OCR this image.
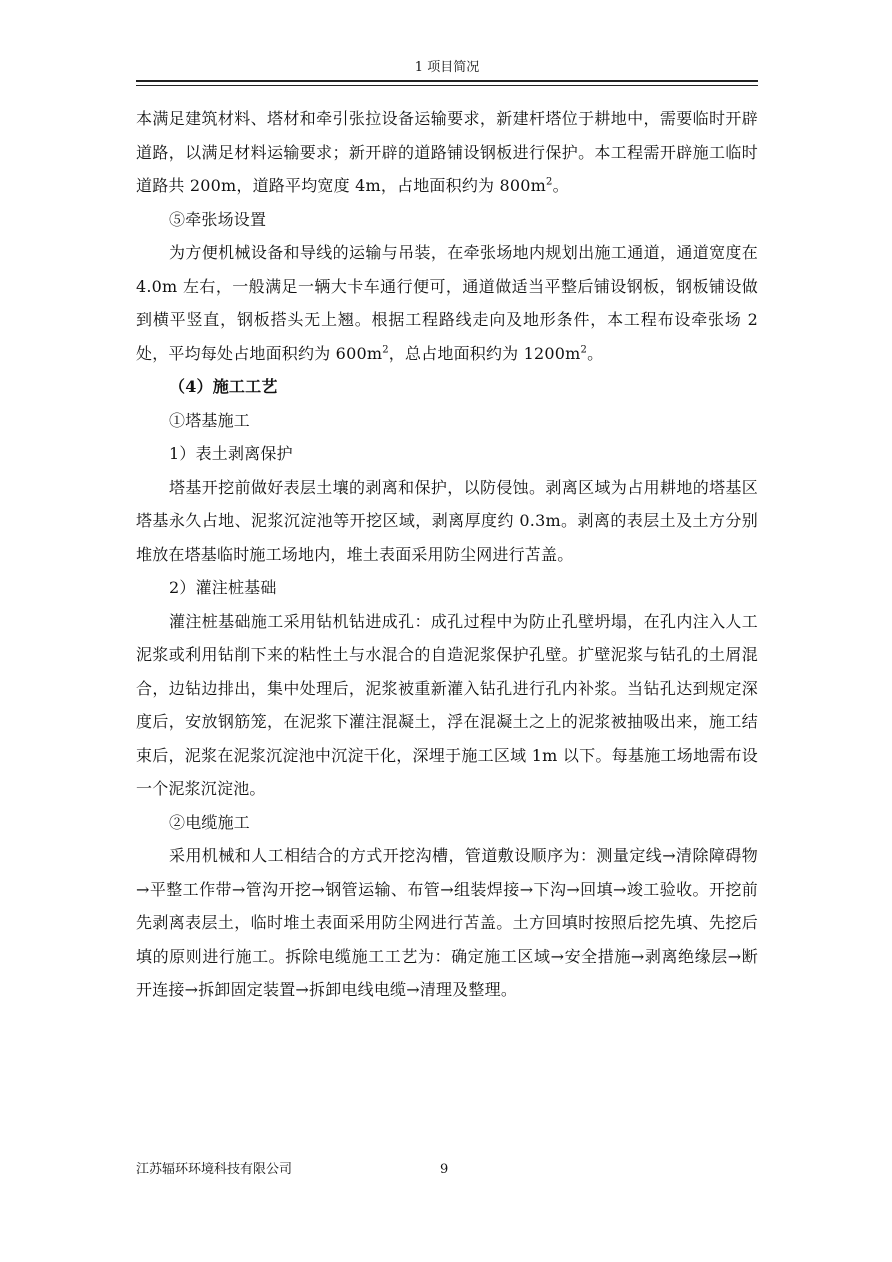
1 项目简况

本满足建筑材料、塔材和牵引张拉设备运输要求，新建杆塔位于耕地中，需要临时开辟道路，以满足材料运输要求；新开辟的道路铺设钢板进行保护。本工程需开辟施工临时道路共 200m，道路平均宽度 4m，占地面积约为 $800m^2$。

⑤牵张场设置

为方便机械设备和导线的运输与吊装，在牵张场地内规划出施工通道，通道宽度在 4.0m 左右，一般满足一辆大卡车通行便可，通道做适当平整后铺设钢板，钢板铺设做到横平竖直，钢板搭头无上翘。根据工程路线走向及地形条件，本工程布设牵张场 2 处，平均每处占地面积约为 $600m^2$，总占地面积约为 $1200m^2$。

（4）施工工艺

①塔基施工

1）表土剥离保护

塔基开挖前做好表层土壤的剥离和保护，以防侵蚀。剥离区域为占用耕地的塔基区塔基永久占地、泥浆沉淀池等开挖区域，剥离厚度约 0.3m。剥离的表层土及土方分别堆放在塔基临时施工场地内，堆土表面采用防尘网进行苫盖。

2）灌注桩基础

灌注桩基础施工采用钻机钻进成孔：成孔过程中为防止孔壁坍塌，在孔内注入人工泥浆或利用钻削下来的粘性土与水混合的自造泥浆保护孔壁。扩壁泥浆与钻孔的土屑混合，边钻边排出，集中处理后，泥浆被重新灌入钻孔进行孔内补浆。当钻孔达到规定深度后，安放钢筋笼，在泥浆下灌注混凝土，浮在混凝土之上的泥浆被抽吸出来，施工结束后，泥浆在泥浆沉淀池中沉淀干化，深埋于施工区域 1m 以下。每基施工场地需布设一个泥浆沉淀池。

②电缆施工

采用机械和人工相结合的方式开挖沟槽，管道敷设顺序为：测量定线→清除障碍物→平整工作带→管沟开挖→钢管运输、布管→组装焊接→下沟→回填→竣工验收。开挖前先剥离表层土，临时堆土表面采用防尘网进行苫盖。土方回填时按照后挖先填、先挖后填的原则进行施工。拆除电缆施工工艺为：确定施工区域→安全措施→剥离绝缘层→断开连接→拆卸固定装置→拆卸电线电缆→清理及整理。

江苏辐环环境科技有限公司	9
